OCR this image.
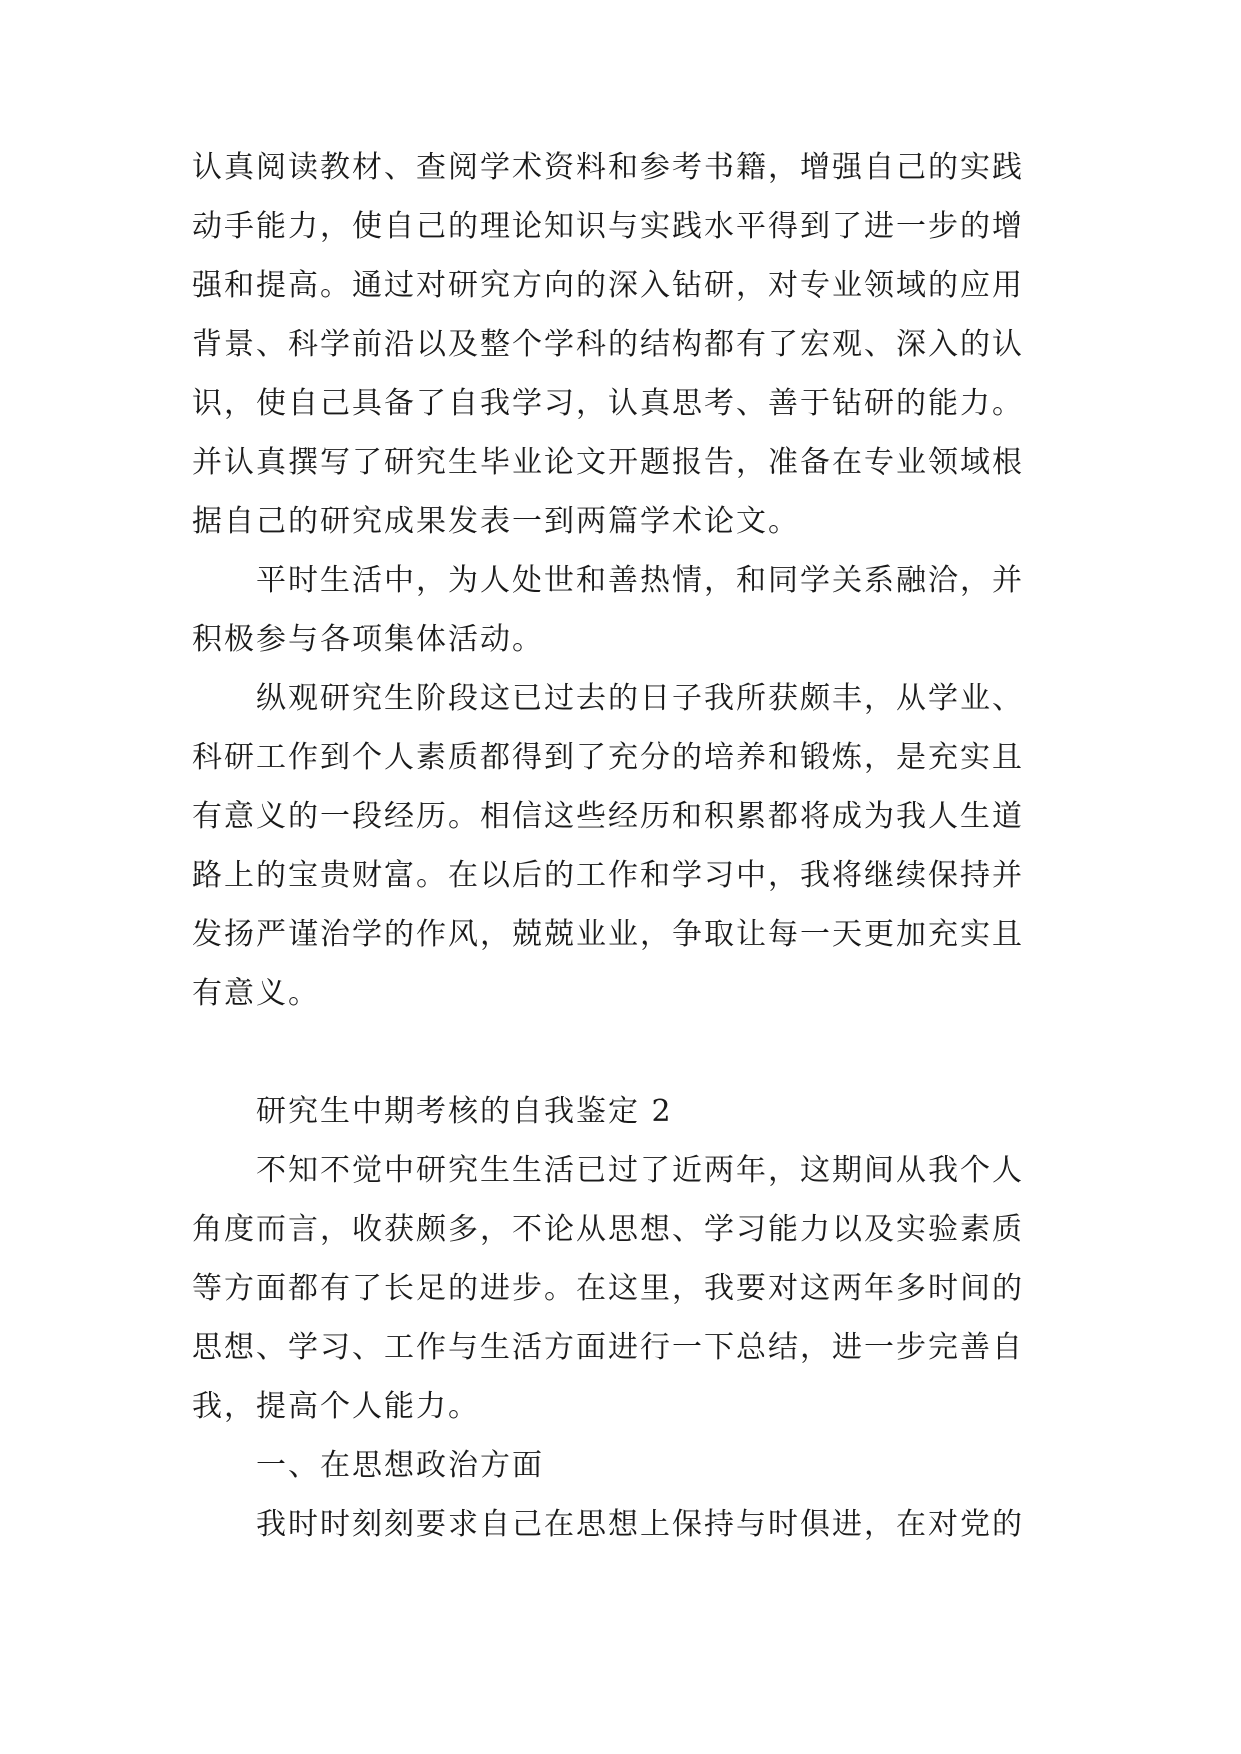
认真阅读教材、查阅学术资料和参考书籍，增强自己的实践
动手能力，使自己的理论知识与实践水平得到了进一步的增
强和提高。通过对研究方向的深入钻研，对专业领域的应用
背景、科学前沿以及整个学科的结构都有了宏观、深入的认
识，使自己具备了自我学习，认真思考、善于钻研的能力。
并认真撰写了研究生毕业论文开题报告，准备在专业领域根
据自己的研究成果发表一到两篇学术论文。
平时生活中，为人处世和善热情，和同学关系融洽，并
积极参与各项集体活动。
纵观研究生阶段这已过去的日子我所获颇丰，从学业、
科研工作到个人素质都得到了充分的培养和锻炼，是充实且
有意义的一段经历。相信这些经历和积累都将成为我人生道
路上的宝贵财富。在以后的工作和学习中，我将继续保持并
发扬严谨治学的作风，兢兢业业，争取让每一天更加充实且
有意义。
研究生中期考核的自我鉴定 2
不知不觉中研究生生活已过了近两年，这期间从我个人
角度而言，收获颇多，不论从思想、学习能力以及实验素质
等方面都有了长足的进步。在这里，我要对这两年多时间的
思想、学习、工作与生活方面进行一下总结，进一步完善自
我，提高个人能力。
一、在思想政治方面
我时时刻刻要求自己在思想上保持与时俱进，在对党的
